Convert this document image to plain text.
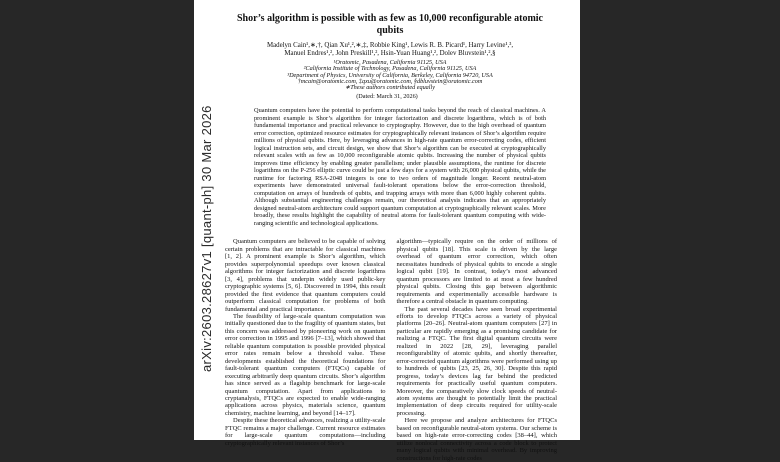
arXiv:2603.28627v1 [quant-ph] 30 Mar 2026
Shor’s algorithm is possible with as few as 10,000 reconfigurable atomic qubits
Madelyn Cain¹,∗,†, Qian Xu¹,²,∗,‡, Robbie King¹, Lewis R. B. Picard¹, Harry Levine¹,³,
Manuel Endres¹,², John Preskill¹,², Hsin-Yuan Huang¹,², Dolev Bluvstein¹,²,§
¹Oratomic, Pasadena, California 91125, USA
²California Institute of Technology, Pasadena, California 91125, USA
³Department of Physics, University of California, Berkeley, California 94720, USA
†mcain@oratomic.com, ‡qxu@oratomic.com, §dbluvstein@oratomic.com
∗These authors contributed equally
(Dated: March 31, 2026)
Quantum computers have the potential to perform computational tasks beyond the reach of classical machines. A prominent example is Shor’s algorithm for integer factorization and discrete logarithms, which is of both fundamental importance and practical relevance to cryptography. However, due to the high overhead of quantum error correction, optimized resource estimates for cryptographically relevant instances of Shor’s algorithm require millions of physical qubits. Here, by leveraging advances in high-rate quantum error-correcting codes, efficient logical instruction sets, and circuit design, we show that Shor’s algorithm can be executed at cryptographically relevant scales with as few as 10,000 reconfigurable atomic qubits. Increasing the number of physical qubits improves time efficiency by enabling greater parallelism; under plausible assumptions, the runtime for discrete logarithms on the P-256 elliptic curve could be just a few days for a system with 26,000 physical qubits, while the runtime for factoring RSA-2048 integers is one to two orders of magnitude longer. Recent neutral-atom experiments have demonstrated universal fault-tolerant operations below the error-correction threshold, computation on arrays of hundreds of qubits, and trapping arrays with more than 6,000 highly coherent qubits. Although substantial engineering challenges remain, our theoretical analysis indicates that an appropriately designed neutral-atom architecture could support quantum computation at cryptographically relevant scales. More broadly, these results highlight the capability of neutral atoms for fault-tolerant quantum computing with wide-ranging scientific and technological applications.

Quantum computers are believed to be capable of solving certain problems that are intractable for classical machines [1, 2]. A prominent example is Shor’s algorithm, which provides superpolynomial speedups over known classical algorithms for integer factorization and discrete logarithms [3, 4], problems that underpin widely used public-key cryptographic systems [5, 6]. Discovered in 1994, this result provided the first evidence that quantum computers could outperform classical computation for problems of both fundamental and practical importance.

The feasibility of large-scale quantum computation was initially questioned due to the fragility of quantum states, but this concern was addressed by pioneering work on quantum error correction in 1995 and 1996 [7–13], which showed that reliable quantum computation is possible provided physical error rates remain below a threshold value. These developments established the theoretical foundations for fault-tolerant quantum computers (FTQCs) capable of executing arbitrarily deep quantum circuits. Shor’s algorithm has since served as a flagship benchmark for large-scale quantum computation. Apart from applications to cryptanalysis, FTQCs are expected to enable wide-ranging applications across physics, materials science, quantum chemistry, machine learning, and beyond [14–17].

Despite these theoretical advances, realizing a utility-scale FTQC remains a major challenge. Current resource estimates for large-scale quantum computations—including cryptographically relevant instances of Shor’s

algorithm—typically require on the order of millions of physical qubits [18]. This scale is driven by the large overhead of quantum error correction, which often necessitates hundreds of physical qubits to encode a single logical qubit [19]. In contrast, today’s most advanced quantum processors are limited to at most a few hundred physical qubits. Closing this gap between algorithmic requirements and experimentally accessible hardware is therefore a central obstacle in quantum computing.

The past several decades have seen broad experimental efforts to develop FTQCs across a variety of physical platforms [20–26]. Neutral-atom quantum computers [27] in particular are rapidly emerging as a promising candidate for realizing a FTQC. The first digital quantum circuits were realized in 2022 [28, 29], leveraging parallel reconfigurability of atomic qubits, and shortly thereafter, error-corrected quantum algorithms were performed using up to hundreds of qubits [23, 25, 26, 30]. Despite this rapid progress, today’s devices lag far behind the predicted requirements for practically useful quantum computers. Moreover, the comparatively slow clock speeds of neutral-atom systems are thought to potentially limit the practical implementation of deep circuits required for utility-scale processing.

Here we propose and analyze architectures for FTQCs based on reconfigurable neutral-atom systems. Our scheme is based on high-rate error-correcting codes [38–44], which utilize nonlocal connectivity across a code block to protect many logical qubits with minimal overhead. By improving constructions for high-rate codes
